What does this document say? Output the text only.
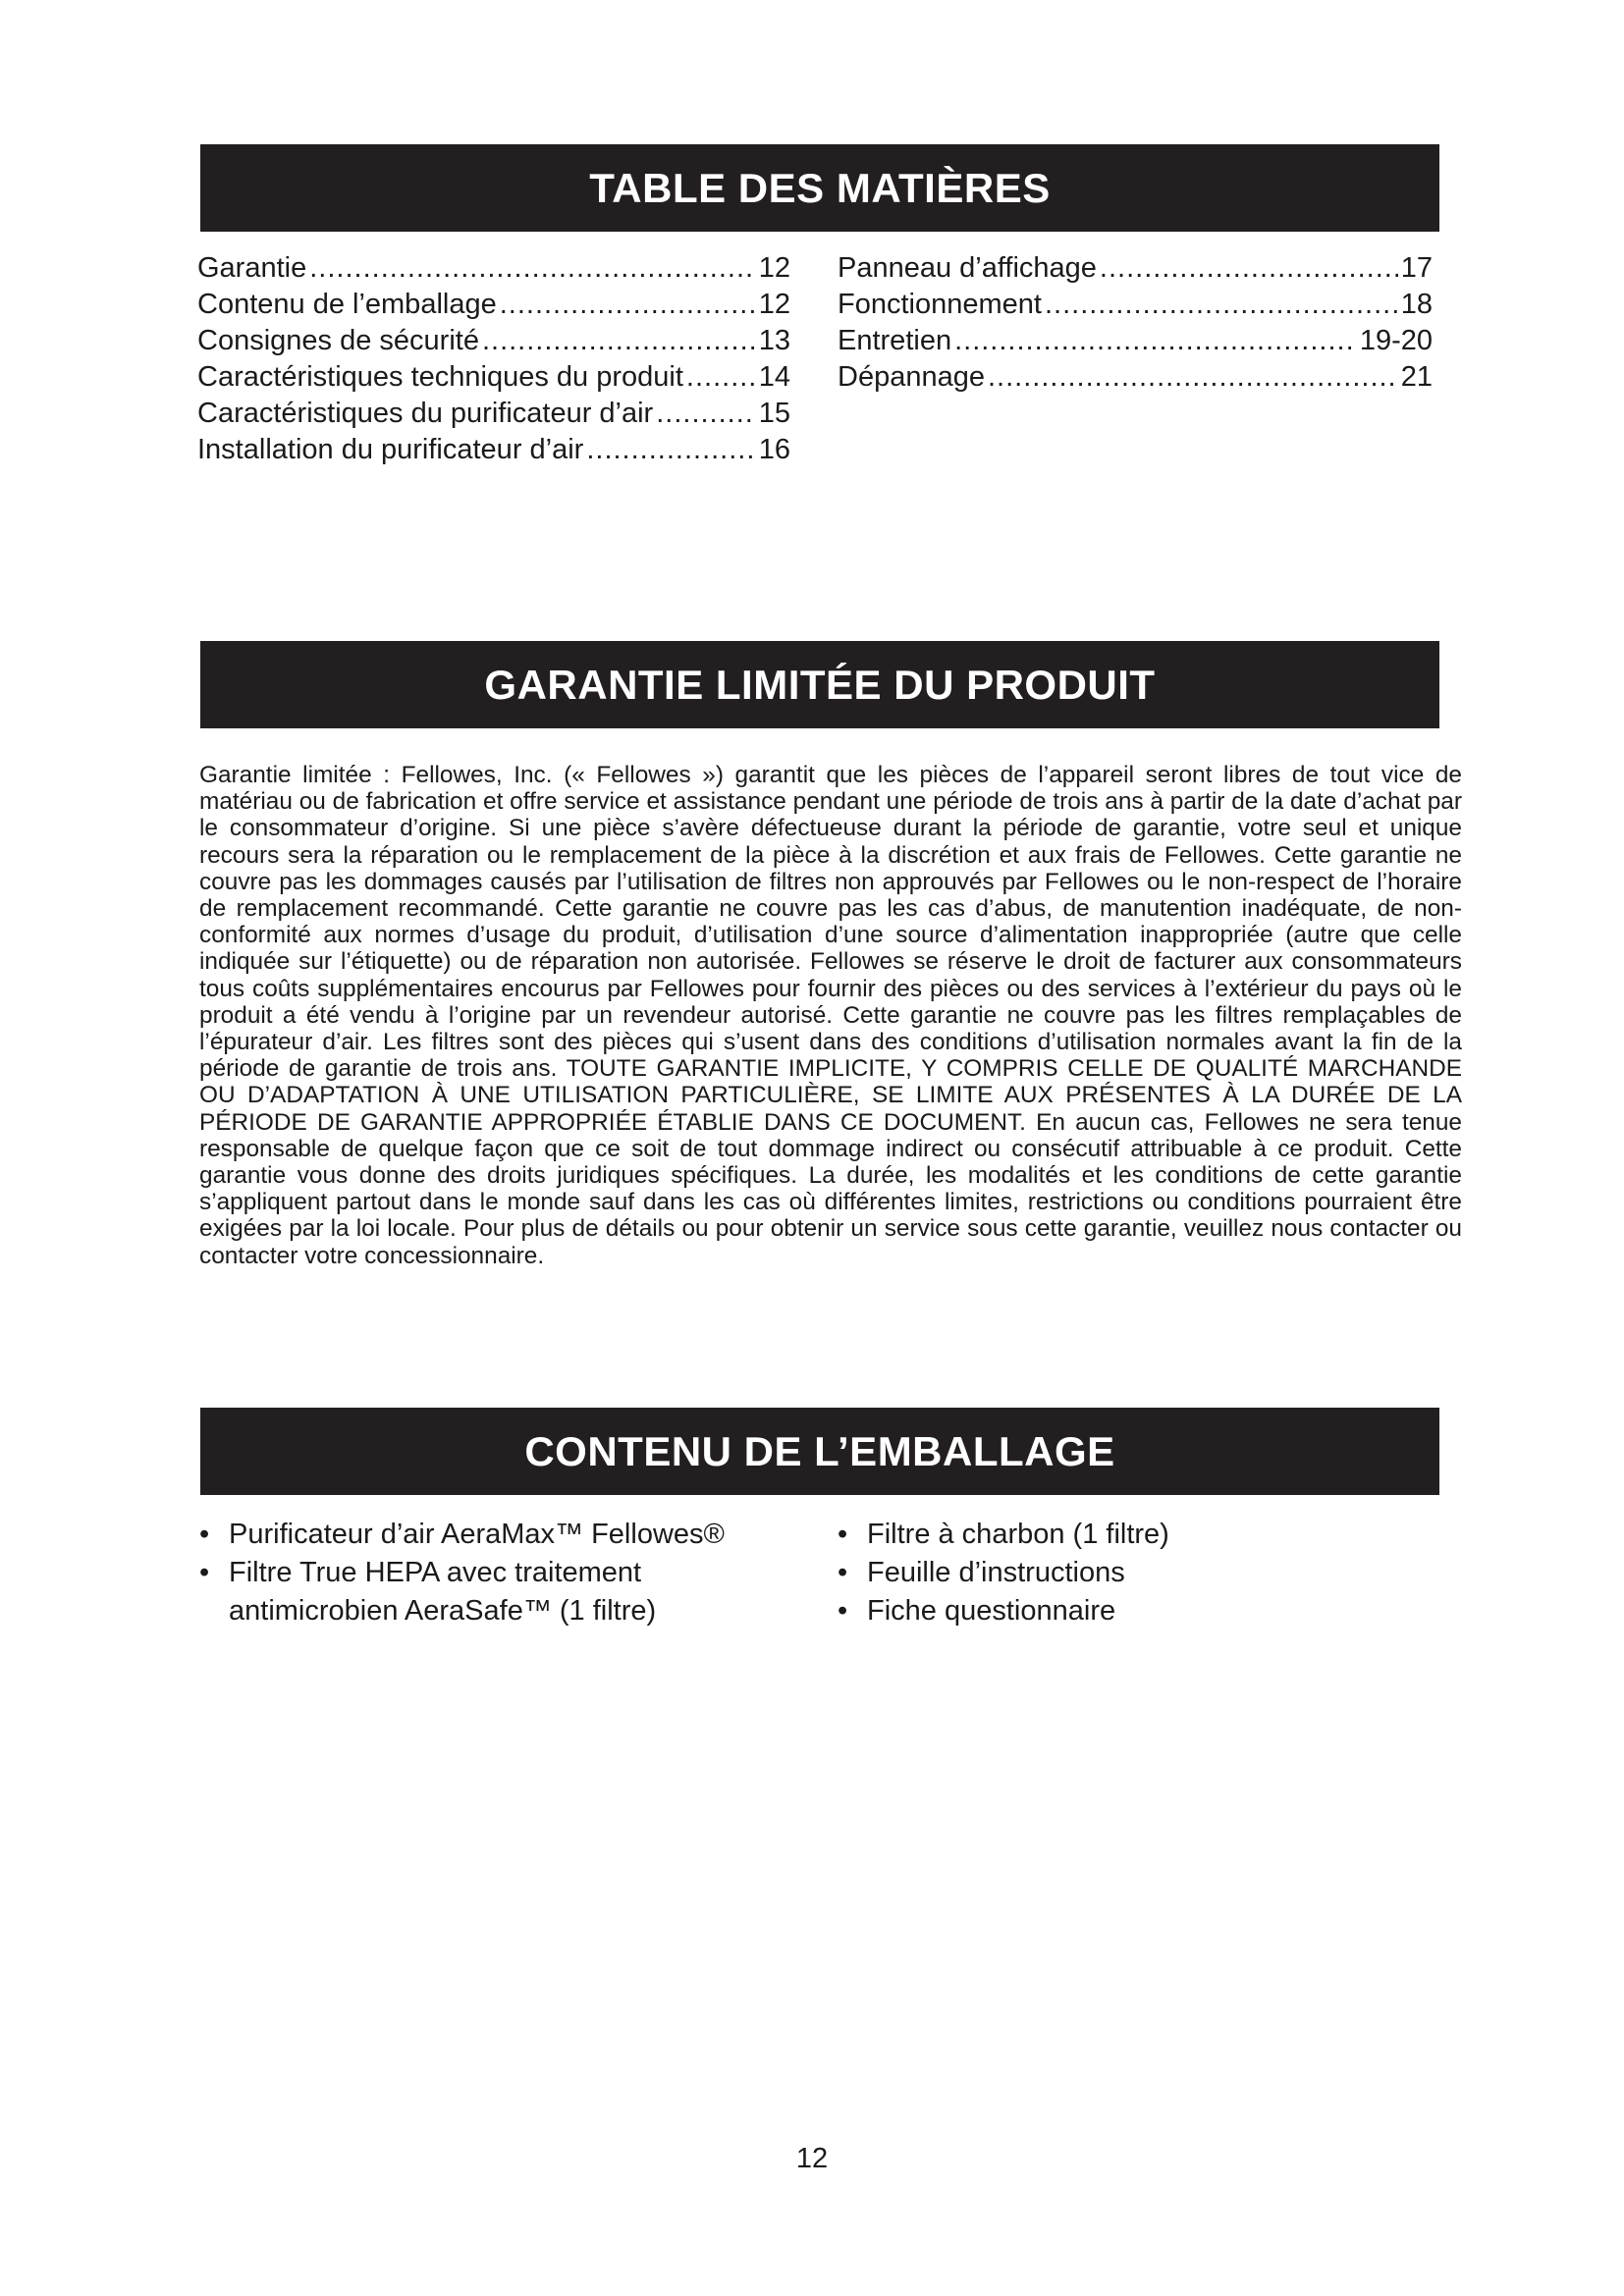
TABLE DES MATIÈRES
Garantie .....	12
Contenu de l’emballage .....	12
Consignes de sécurité .....	13
Caractéristiques techniques du produit .....	14
Caractéristiques du purificateur d’air .....	15
Installation du purificateur d’air .....	16
Panneau d’affichage .....	17
Fonctionnement .....	18
Entretien .....	19-20
Dépannage .....	21
GARANTIE LIMITÉE DU PRODUIT

Garantie limitée : Fellowes, Inc. (« Fellowes ») garantit que les pièces de l’appareil seront libres de tout vice de matériau ou de fabrication et offre service et assistance pendant une période de trois ans à partir de la date d’achat par le consommateur d’origine. Si une pièce s’avère défectueuse durant la période de garantie, votre seul et unique recours sera la réparation ou le remplacement de la pièce à la discrétion et aux frais de Fellowes. Cette garantie ne couvre pas les dommages causés par l’utilisation de filtres non approuvés par Fellowes ou le non-respect de l’horaire de remplacement recommandé. Cette garantie ne couvre pas les cas d’abus, de manutention inadéquate, de non-conformité aux normes d’usage du produit, d’utilisation d’une source d’alimentation inappropriée (autre que celle indiquée sur l’étiquette) ou de réparation non autorisée. Fellowes se réserve le droit de facturer aux consommateurs tous coûts supplémentaires encourus par Fellowes pour fournir des pièces ou des services à l’extérieur du pays où le produit a été vendu à l’origine par un revendeur autorisé. Cette garantie ne couvre pas les filtres remplaçables de l’épurateur d’air. Les filtres sont des pièces qui s’usent dans des conditions d’utilisation normales avant la fin de la période de garantie de trois ans. TOUTE GARANTIE IMPLICITE, Y COMPRIS CELLE DE QUALITÉ MARCHANDE OU D’ADAPTATION À UNE UTILISATION PARTICULIÈRE, SE LIMITE AUX PRÉSENTES À LA DURÉE DE LA PÉRIODE DE GARANTIE APPROPRIÉE ÉTABLIE DANS CE DOCUMENT. En aucun cas, Fellowes ne sera tenue responsable de quelque façon que ce soit de tout dommage indirect ou consécutif attribuable à ce produit. Cette garantie vous donne des droits juridiques spécifiques. La durée, les modalités et les conditions de cette garantie s’appliquent partout dans le monde sauf dans les cas où différentes limites, restrictions ou conditions pourraient être exigées par la loi locale. Pour plus de détails ou pour obtenir un service sous cette garantie, veuillez nous contacter ou contacter votre concessionnaire.

CONTENU DE L’EMBALLAGE
• Purificateur d’air AeraMax™ Fellowes®
• Filtre True HEPA avec traitement antimicrobien AeraSafe™ (1 filtre)
• Filtre à charbon (1 filtre)
• Feuille d’instructions
• Fiche questionnaire
12
